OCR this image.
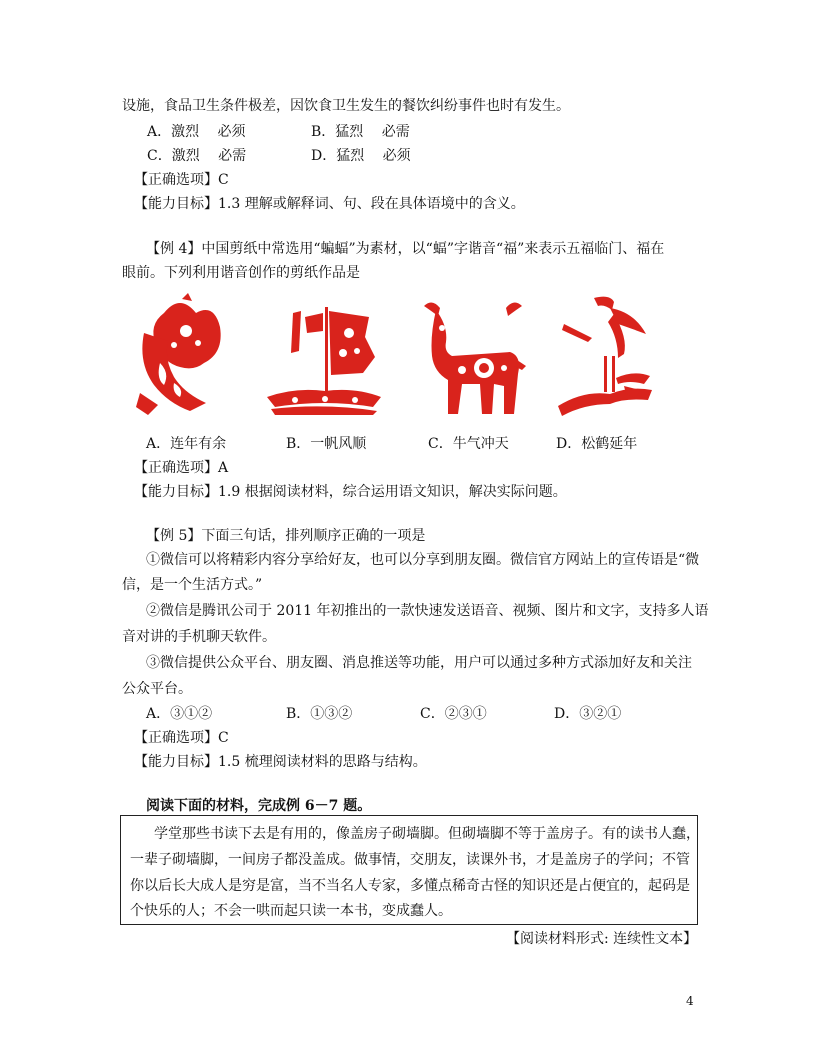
设施，食品卫生条件极差，因饮食卫生发生的餐饮纠纷事件也时有发生。
A．激烈　 必须	B．猛烈　 必需
C．激烈　 必需	D．猛烈　 必须
【正确选项】C
【能力目标】1.3 理解或解释词、句、段在具体语境中的含义。
【例 4】中国剪纸中常选用“蝙蝠”为素材，以“蝠”字谐音“福”来表示五福临门、福在
眼前。下列利用谐音创作的剪纸作品是
A．连年有余	B．一帆风顺	C．牛气冲天	D．松鹤延年
【正确选项】A
【能力目标】1.9 根据阅读材料，综合运用语文知识，解决实际问题。
【例 5】下面三句话，排列顺序正确的一项是
①微信可以将精彩内容分享给好友，也可以分享到朋友圈。微信官方网站上的宣传语是“微
信，是一个生活方式。”
②微信是腾讯公司于 2011 年初推出的一款快速发送语音、视频、图片和文字，支持多人语
音对讲的手机聊天软件。
③微信提供公众平台、朋友圈、消息推送等功能，用户可以通过多种方式添加好友和关注
公众平台。
A．③①②	B．①③②	C．②③①	D．③②①
【正确选项】C
【能力目标】1.5 梳理阅读材料的思路与结构。
阅读下面的材料，完成例 6－7 题。
学堂那些书读下去是有用的，像盖房子砌墙脚。但砌墙脚不等于盖房子。有的读书人蠢，
一辈子砌墙脚，一间房子都没盖成。做事情，交朋友，读课外书，才是盖房子的学问；不管
你以后长大成人是穷是富，当不当名人专家，多懂点稀奇古怪的知识还是占便宜的，起码是
个快乐的人；不会一哄而起只读一本书，变成蠢人。
【阅读材料形式: 连续性文本】
4
